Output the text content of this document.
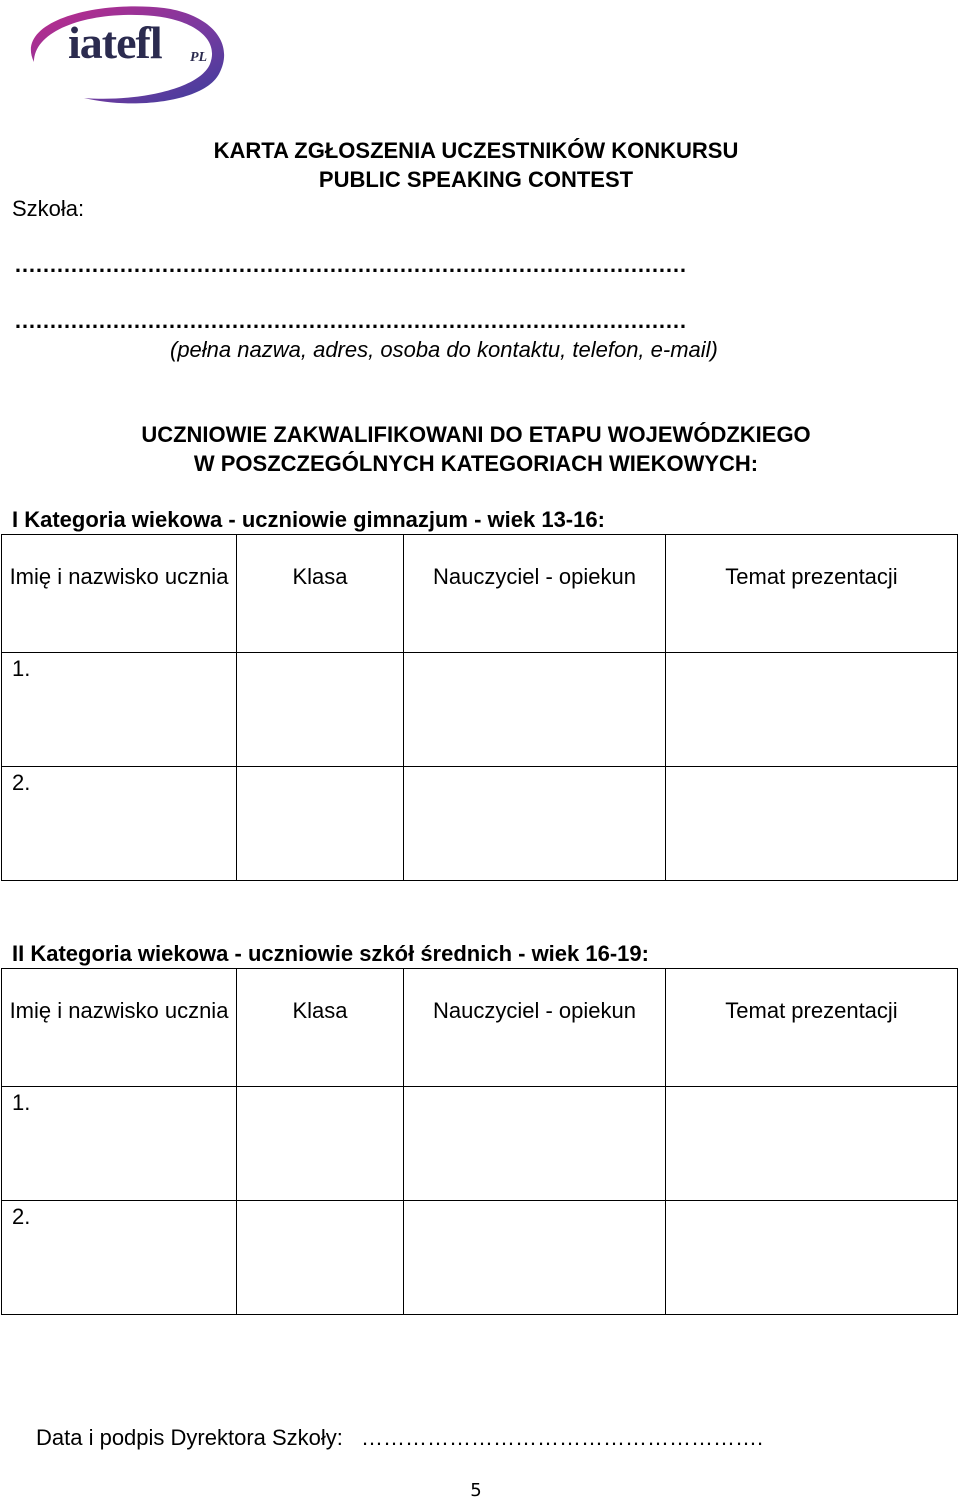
iatefl PL
KARTA ZGŁOSZENIA UCZESTNIKÓW KONKURSU
PUBLIC SPEAKING CONTEST
Szkoła:
……………………………………………………………………………………
……………………………………………………………………………………
(pełna nazwa, adres, osoba do kontaktu, telefon, e-mail)
UCZNIOWIE ZAKWALIFIKOWANI DO ETAPU WOJEWÓDZKIEGO
W POSZCZEGÓLNYCH KATEGORIACH WIEKOWYCH:
I Kategoria wiekowa - uczniowie gimnazjum - wiek 13-16:
Imię i nazwisko ucznia	Klasa	Nauczyciel - opiekun	Temat prezentacji
1.			
2.			
II Kategoria wiekowa - uczniowie szkół średnich - wiek 16-19:
Imię i nazwisko ucznia	Klasa	Nauczyciel - opiekun	Temat prezentacji
1.			
2.			
Data i podpis Dyrektora Szkoły: ……………………………………………….
5
